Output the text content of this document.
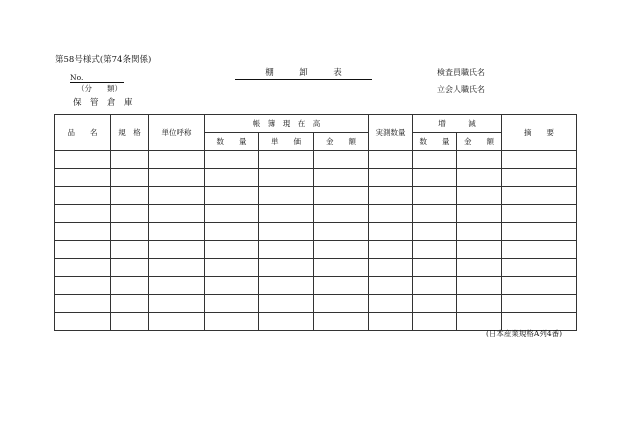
第58号様式(第74条関係)
No.
（分　　類）
保　管　倉　庫
棚　　　卸　　　表	検査員職氏名
立会人職氏名
品　　名	規　格	単位呼称	帳　簿　現　在　高			実測数量	増　　　減		摘　　要
			数　　量	単　　価	金　　額		数　　量	金　　額	

(日本産業規格A列4番)
